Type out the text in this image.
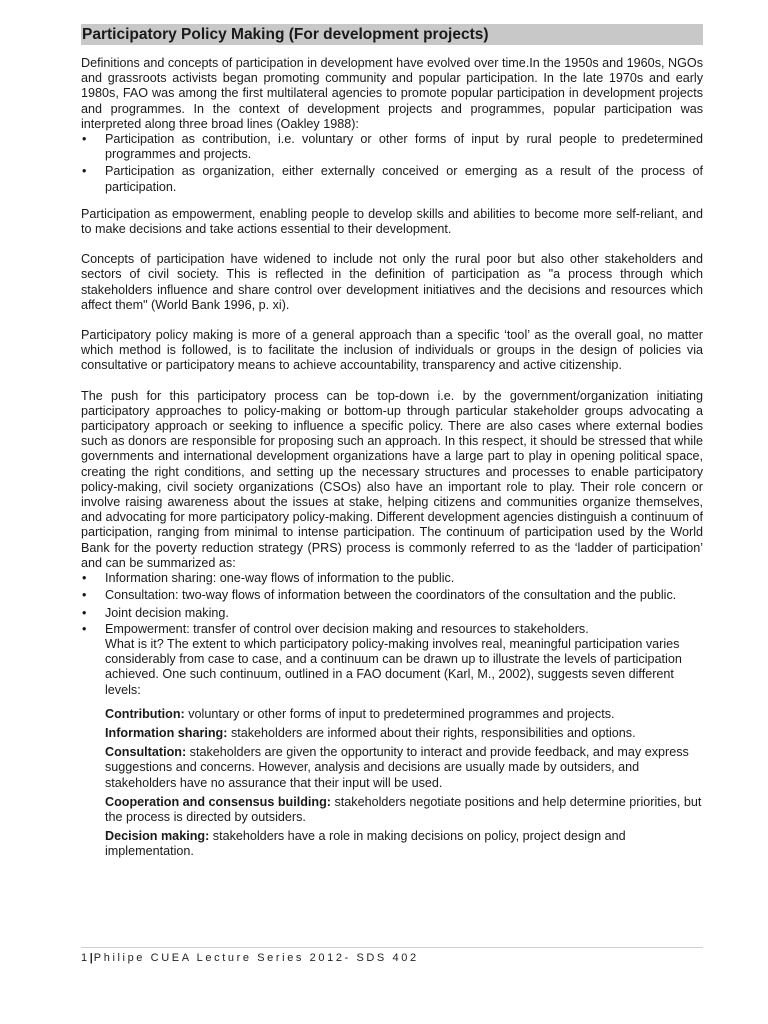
Participatory Policy Making (For development projects)

Definitions and concepts of participation in development have evolved over time.In the 1950s and 1960s, NGOs and grassroots activists began promoting community and popular participation. In the late 1970s and early 1980s, FAO was among the first multilateral agencies to promote popular participation in development projects and programmes. In the context of development projects and programmes, popular participation was interpreted along three broad lines (Oakley 1988):

• Participation as contribution, i.e. voluntary or other forms of input by rural people to predetermined programmes and projects.
• Participation as organization, either externally conceived or emerging as a result of the process of participation.

Participation as empowerment, enabling people to develop skills and abilities to become more self-reliant, and to make decisions and take actions essential to their development.

Concepts of participation have widened to include not only the rural poor but also other stakeholders and sectors of civil society. This is reflected in the definition of participation as "a process through which stakeholders influence and share control over development initiatives and the decisions and resources which affect them" (World Bank 1996, p. xi).

Participatory policy making is more of a general approach than a specific ‘tool’ as the overall goal, no matter which method is followed, is to facilitate the inclusion of individuals or groups in the design of policies via consultative or participatory means to achieve accountability, transparency and active citizenship.

The push for this participatory process can be top-down i.e. by the government/organization initiating participatory approaches to policy-making or bottom-up through particular stakeholder groups advocating a participatory approach or seeking to influence a specific policy. There are also cases where external bodies such as donors are responsible for proposing such an approach. In this respect, it should be stressed that while governments and international development organizations have a large part to play in opening political space, creating the right conditions, and setting up the necessary structures and processes to enable participatory policy-making, civil society organizations (CSOs) also have an important role to play. Their role concern or involve raising awareness about the issues at stake, helping citizens and communities organize themselves, and advocating for more participatory policy-making. Different development agencies distinguish a continuum of participation, ranging from minimal to intense participation. The continuum of participation used by the World Bank for the poverty reduction strategy (PRS) process is commonly referred to as the ‘ladder of participation’ and can be summarized as:

• Information sharing: one-way flows of information to the public.
• Consultation: two-way flows of information between the coordinators of the consultation and the public.
• Joint decision making.
• Empowerment: transfer of control over decision making and resources to stakeholders.
What is it? The extent to which participatory policy-making involves real, meaningful participation varies considerably from case to case, and a continuum can be drawn up to illustrate the levels of participation achieved. One such continuum, outlined in a FAO document (Karl, M., 2002), suggests seven different levels:
Contribution: voluntary or other forms of input to predetermined programmes and projects.
Information sharing: stakeholders are informed about their rights, responsibilities and options.
Consultation: stakeholders are given the opportunity to interact and provide feedback, and may express suggestions and concerns. However, analysis and decisions are usually made by outsiders, and stakeholders have no assurance that their input will be used.
Cooperation and consensus building: stakeholders negotiate positions and help determine priorities, but the process is directed by outsiders.
Decision making: stakeholders have a role in making decisions on policy, project design and implementation.
1|Philipe CUEA Lecture Series 2012- SDS 402
